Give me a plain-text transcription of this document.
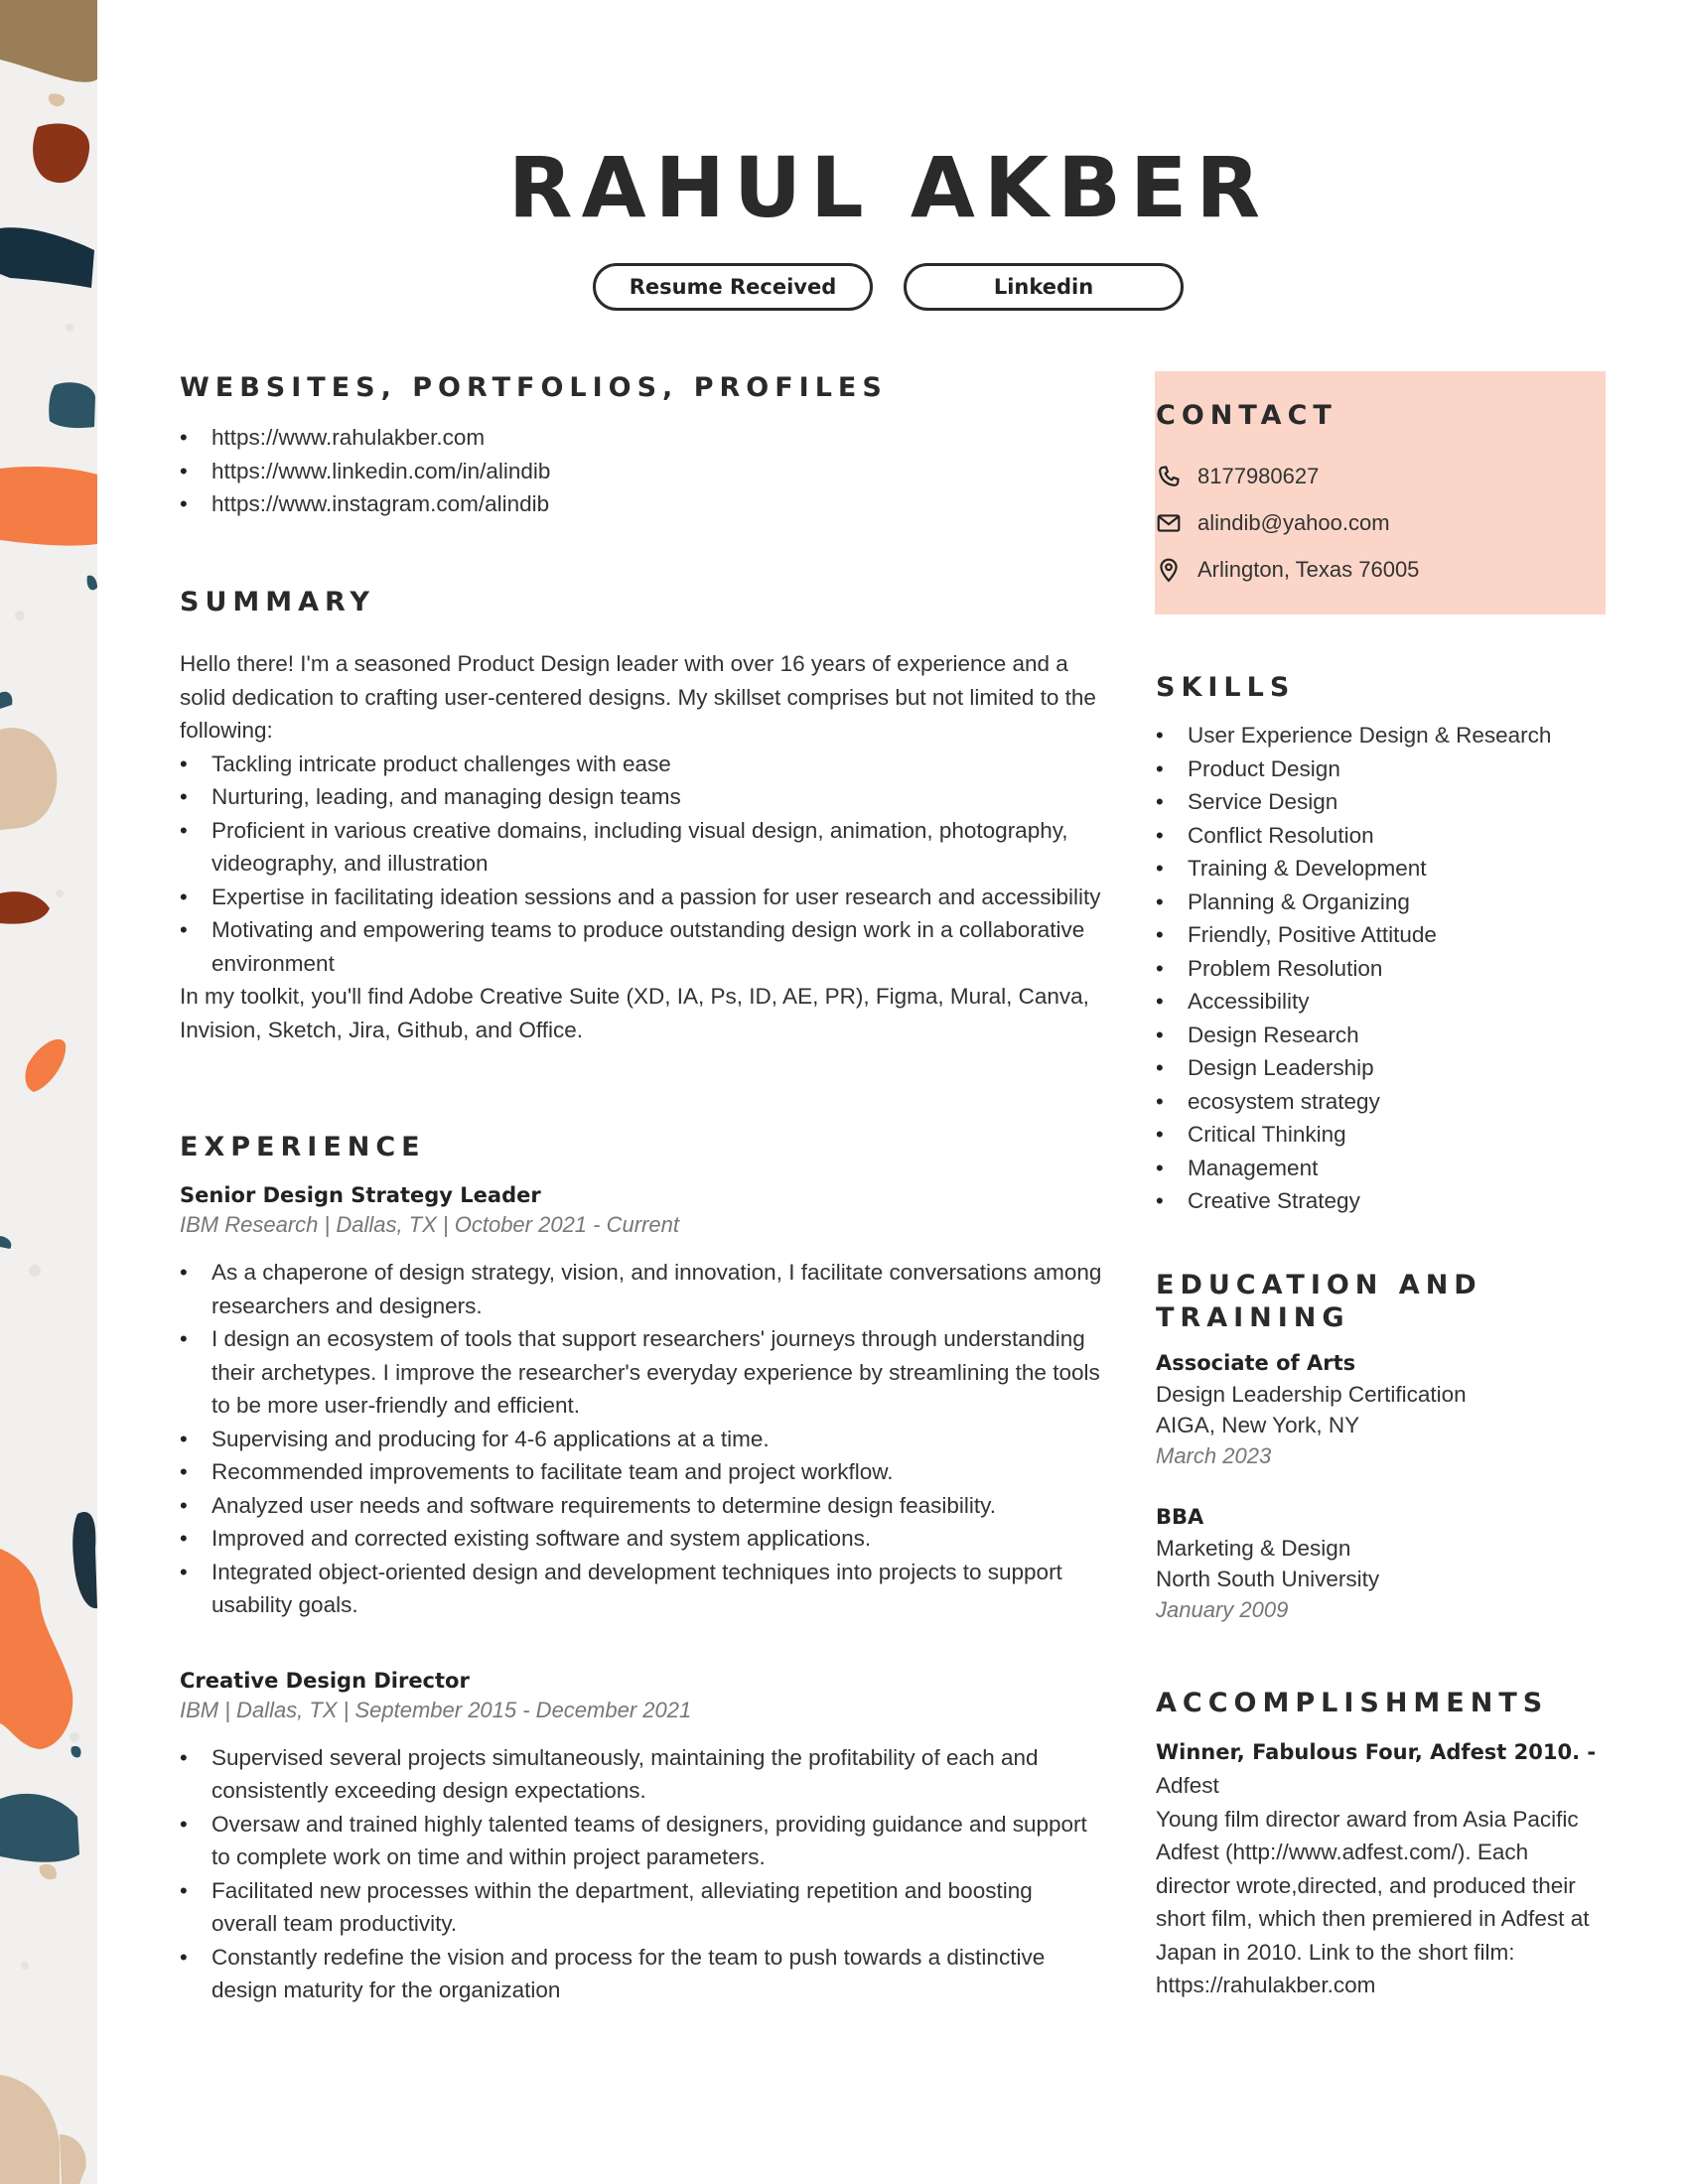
RAHUL AKBER
Resume Received	Linkedin
WEBSITES, PORTFOLIOS, PROFILES
• https://www.rahulakber.com
• https://www.linkedin.com/in/alindib
• https://www.instagram.com/alindib
SUMMARY

Hello there! I'm a seasoned Product Design leader with over 16 years of experience and a solid dedication to crafting user-centered designs. My skillset comprises but not limited to the following:

• Tackling intricate product challenges with ease
• Nurturing, leading, and managing design teams
• Proficient in various creative domains, including visual design, animation, photography, videography, and illustration
• Expertise in facilitating ideation sessions and a passion for user research and accessibility
• Motivating and empowering teams to produce outstanding design work in a collaborative environment

In my toolkit, you'll find Adobe Creative Suite (XD, IA, Ps, ID, AE, PR), Figma, Mural, Canva, Invision, Sketch, Jira, Github, and Office.

EXPERIENCE
Senior Design Strategy Leader
IBM Research | Dallas, TX | October 2021 - Current
• As a chaperone of design strategy, vision, and innovation, I facilitate conversations among researchers and designers.
• I design an ecosystem of tools that support researchers' journeys through understanding their archetypes. I improve the researcher's everyday experience by streamlining the tools to be more user-friendly and efficient.
• Supervising and producing for 4-6 applications at a time.
• Recommended improvements to facilitate team and project workflow.
• Analyzed user needs and software requirements to determine design feasibility.
• Improved and corrected existing software and system applications.
• Integrated object-oriented design and development techniques into projects to support usability goals.
Creative Design Director
IBM | Dallas, TX | September 2015 - December 2021
• Supervised several projects simultaneously, maintaining the profitability of each and consistently exceeding design expectations.
• Oversaw and trained highly talented teams of designers, providing guidance and support to complete work on time and within project parameters.
• Facilitated new processes within the department, alleviating repetition and boosting overall team productivity.
• Constantly redefine the vision and process for the team to push towards a distinctive design maturity for the organization
CONTACT
8177980627
alindib@yahoo.com
Arlington, Texas 76005
SKILLS
• User Experience Design & Research
• Product Design
• Service Design
• Conflict Resolution
• Training & Development
• Planning & Organizing
• Friendly, Positive Attitude
• Problem Resolution
• Accessibility
• Design Research
• Design Leadership
• ecosystem strategy
• Critical Thinking
• Management
• Creative Strategy
EDUCATION AND
TRAINING
Associate of Arts
Design Leadership Certification
AIGA, New York, NY
March 2023
BBA
Marketing & Design
North South University
January 2009
ACCOMPLISHMENTS
Winner, Fabulous Four, Adfest 2010. -
Adfest
Young film director award from Asia Pacific Adfest (http://www.adfest.com/). Each director wrote,directed, and produced their short film, which then premiered in Adfest at Japan in 2010. Link to the short film: https://rahulakber.com
